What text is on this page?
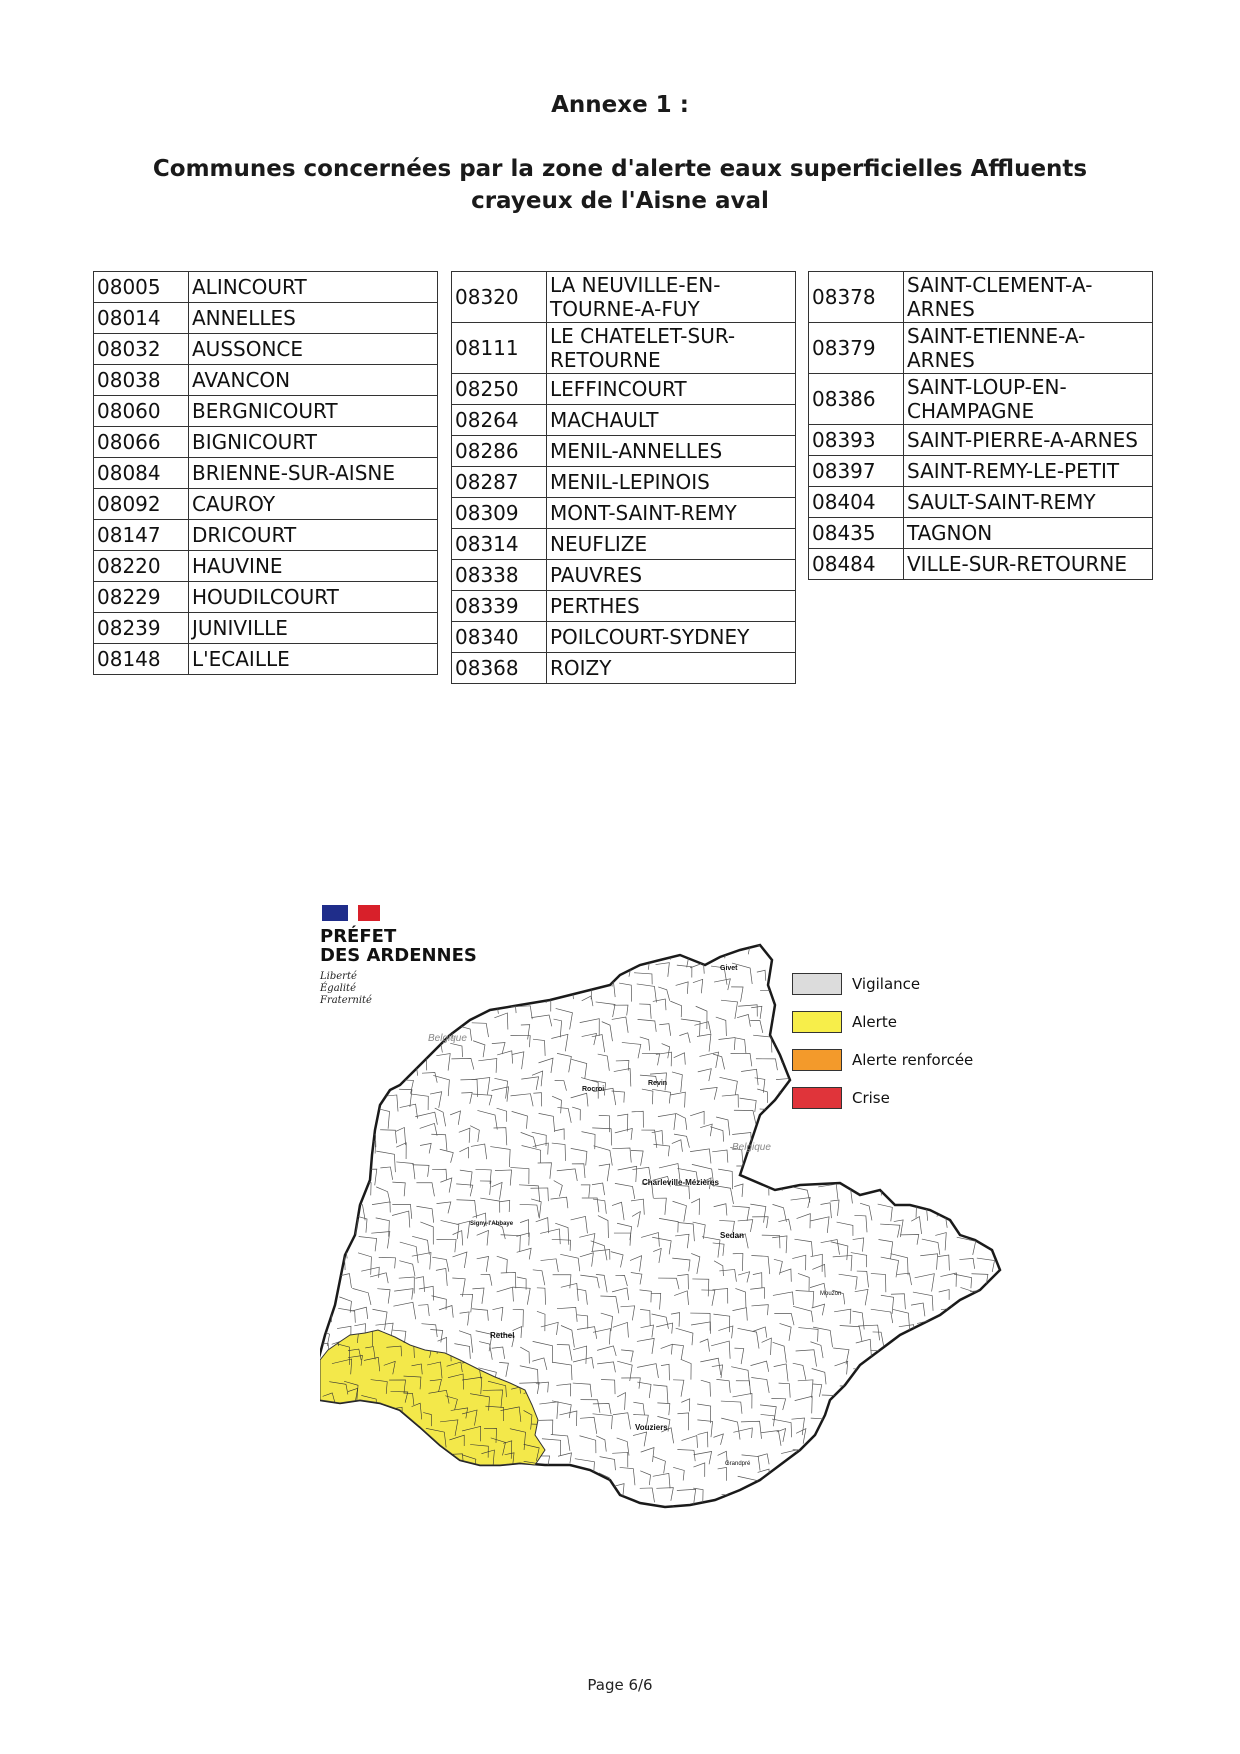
Annexe 1 :
Communes concernées par la zone d'alerte eaux superficielles Affluents crayeux de l'Aisne aval
08005	ALINCOURT
08014	ANNELLES
08032	AUSSONCE
08038	AVANCON
08060	BERGNICOURT
08066	BIGNICOURT
08084	BRIENNE-SUR-AISNE
08092	CAUROY
08147	DRICOURT
08220	HAUVINE
08229	HOUDILCOURT
08239	JUNIVILLE
08148	L'ECAILLE
08320	LA NEUVILLE-EN-TOURNE-A-FUY
08111	LE CHATELET-SUR-RETOURNE
08250	LEFFINCOURT
08264	MACHAULT
08286	MENIL-ANNELLES
08287	MENIL-LEPINOIS
08309	MONT-SAINT-REMY
08314	NEUFLIZE
08338	PAUVRES
08339	PERTHES
08340	POILCOURT-SYDNEY
08368	ROIZY
08378	SAINT-CLEMENT-A-ARNES
08379	SAINT-ETIENNE-A-ARNES
08386	SAINT-LOUP-EN-CHAMPAGNE
08393	SAINT-PIERRE-A-ARNES
08397	SAINT-REMY-LE-PETIT
08404	SAULT-SAINT-REMY
08435	TAGNON
08484	VILLE-SUR-RETOURNE
PRÉFET
DES ARDENNES
Liberté
Égalité
Fraternité
Belgique
Belgique
Givet
Revin
Rocroi
Charleville-Mézières
Sedan
Rethel
Vouziers
Signy-l'Abbaye
Mouzon
Grandpré
Vigilance
Alerte
Alerte renforcée
Crise
Page 6/6
